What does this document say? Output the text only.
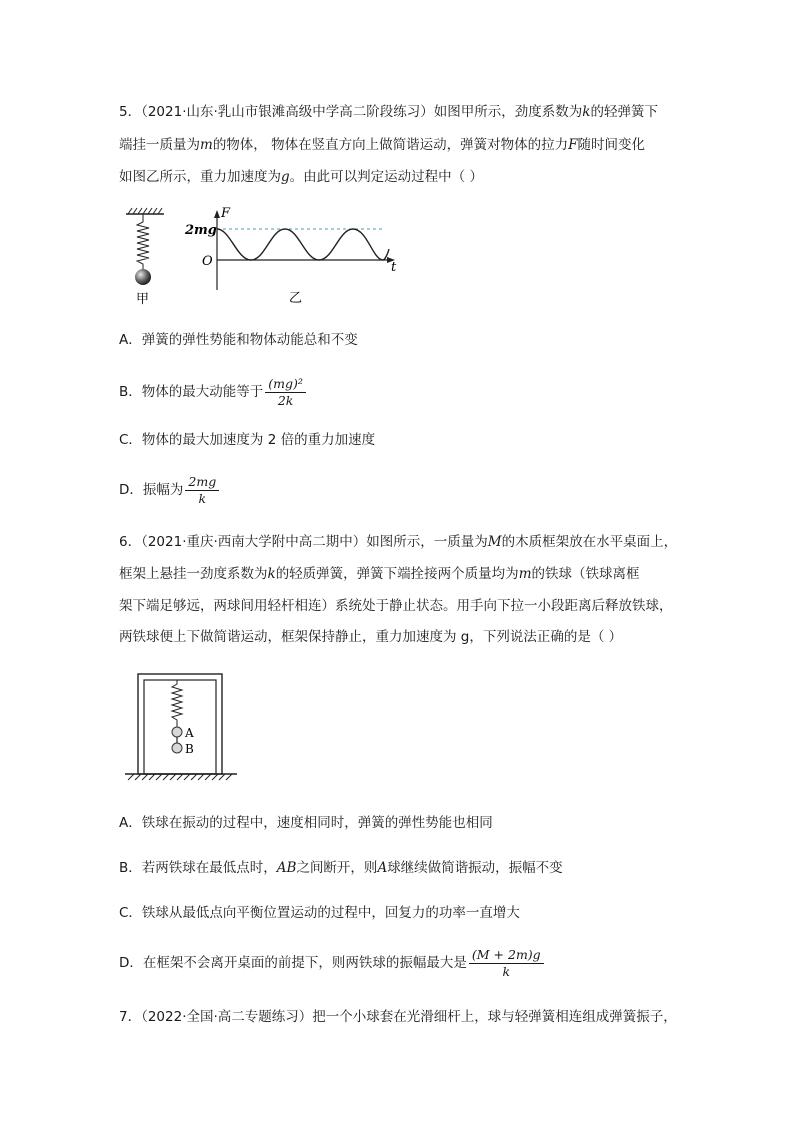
5．（2021·山东·乳山市银滩高级中学高二阶段练习）如图甲所示，劲度系数为k的轻弹簧下
端挂一质量为m的物体， 物体在竖直方向上做简谐运动，弹簧对物体的拉力F随时间变化
如图乙所示，重力加速度为g。由此可以判定运动过程中（ ）
甲
F
2mg
O	t
乙
A．弹簧的弹性势能和物体动能总和不变
B．物体的最大动能等于 $\frac{\text{(mg)²}}{2k}$
C．物体的最大加速度为 2 倍的重力加速度
D．振幅为 $\frac{2mg}{k}$
6．（2021·重庆·西南大学附中高二期中）如图所示，一质量为M的木质框架放在水平桌面上，
框架上悬挂一劲度系数为k的轻质弹簧，弹簧下端拴接两个质量均为m的铁球（铁球离框
架下端足够远，两球间用轻杆相连）系统处于静止状态。用手向下拉一小段距离后释放铁球，
两铁球便上下做简谐运动，框架保持静止，重力加速度为 g，下列说法正确的是（ ）
A
B
A．铁球在振动的过程中，速度相同时，弹簧的弹性势能也相同
B．若两铁球在最低点时，AB之间断开，则A球继续做简谐振动，振幅不变
C．铁球从最低点向平衡位置运动的过程中，回复力的功率一直增大
D．在框架不会离开桌面的前提下，则两铁球的振幅最大是 $\frac{(M + 2m)g}{k}$
7．（2022·全国·高二专题练习）把一个小球套在光滑细杆上，球与轻弹簧相连组成弹簧振子，
